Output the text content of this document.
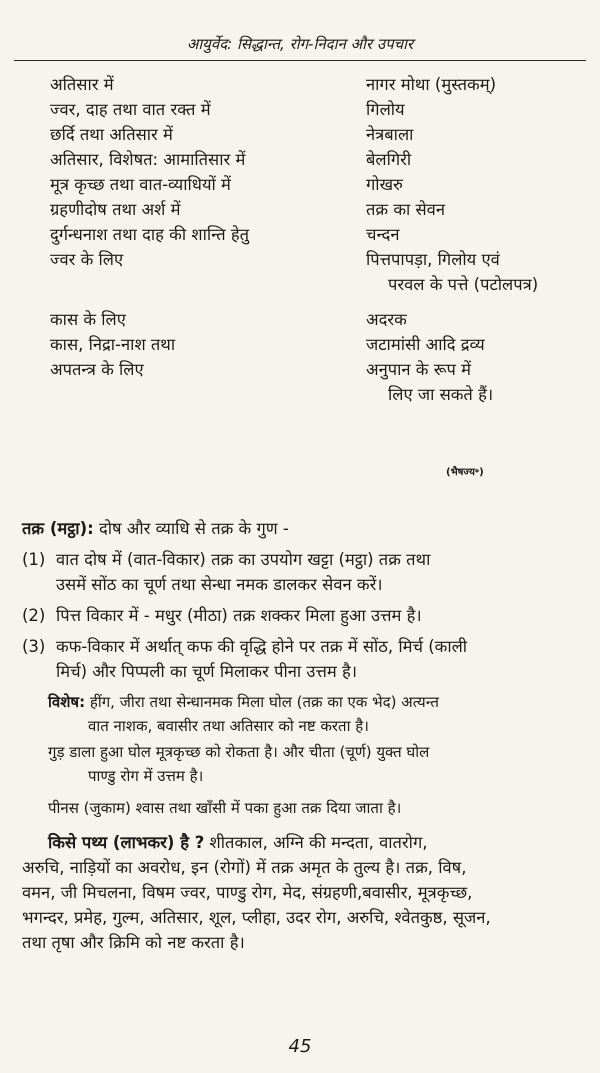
आयुर्वेद: सिद्धान्त, रोग-निदान और उपचार
अतिसार में	नागर मोथा (मुस्तकम्)
ज्वर, दाह तथा वात रक्त में	गिलोय
छर्दि तथा अतिसार में	नेत्रबाला
अतिसार, विशेषत: आमातिसार में	बेलगिरी
मूत्र कृच्छ तथा वात-व्याधियों में	गोखरु
ग्रहणीदोष तथा अर्श में	तक्र का सेवन
दुर्गन्धनाश तथा दाह की शान्ति हेतु	चन्दन
ज्वर के लिए	पित्तपापड़ा, गिलोय एवं
परवल के पत्ते (पटोलपत्र)
कास के लिए	अदरक
कास, निद्रा-नाश तथा	जटामांसी आदि द्रव्य
अपतन्त्र के लिए	अनुपान के रूप में
लिए जा सकते हैं।
(भैषज्य॰)

तक्र (मट्ठा): दोष और व्याधि से तक्र के गुण -

(1) वात दोष में (वात-विकार) तक्र का उपयोग खट्टा (मट्ठा) तक्र तथा
उसमें सोंठ का चूर्ण तथा सेन्धा नमक डालकर सेवन करें।
(2) पित्त विकार में - मधुर (मीठा) तक्र शक्कर मिला हुआ उत्तम है।
(3) कफ-विकार में अर्थात् कफ की वृद्धि होने पर तक्र में सोंठ, मिर्च (काली
मिर्च) और पिप्पली का चूर्ण मिलाकर पीना उत्तम है।
विशेष: हींग, जीरा तथा सेन्धानमक मिला घोल (तक्र का एक भेद) अत्यन्त
वात नाशक, बवासीर तथा अतिसार को नष्ट करता है।
गुड़ डाला हुआ घोल मूत्रकृच्छ को रोकता है। और चीता (चूर्ण) युक्त घोल
पाण्डु रोग में उत्तम है।
पीनस (जुकाम) श्वास तथा खाँसी में पका हुआ तक्र दिया जाता है।
किसे पथ्य (लाभकर) है ? शीतकाल, अग्नि की मन्दता, वातरोग,
अरुचि, नाड़ियों का अवरोध, इन (रोगों) में तक्र अमृत के तुल्य है। तक्र, विष,
वमन, जी मिचलना, विषम ज्वर, पाण्डु रोग, मेद, संग्रहणी,बवासीर, मूत्रकृच्छ,
भगन्दर, प्रमेह, गुल्म, अतिसार, शूल, प्लीहा, उदर रोग, अरुचि, श्वेतकुष्ठ, सूजन,
तथा तृषा और क्रिमि को नष्ट करता है।
45
